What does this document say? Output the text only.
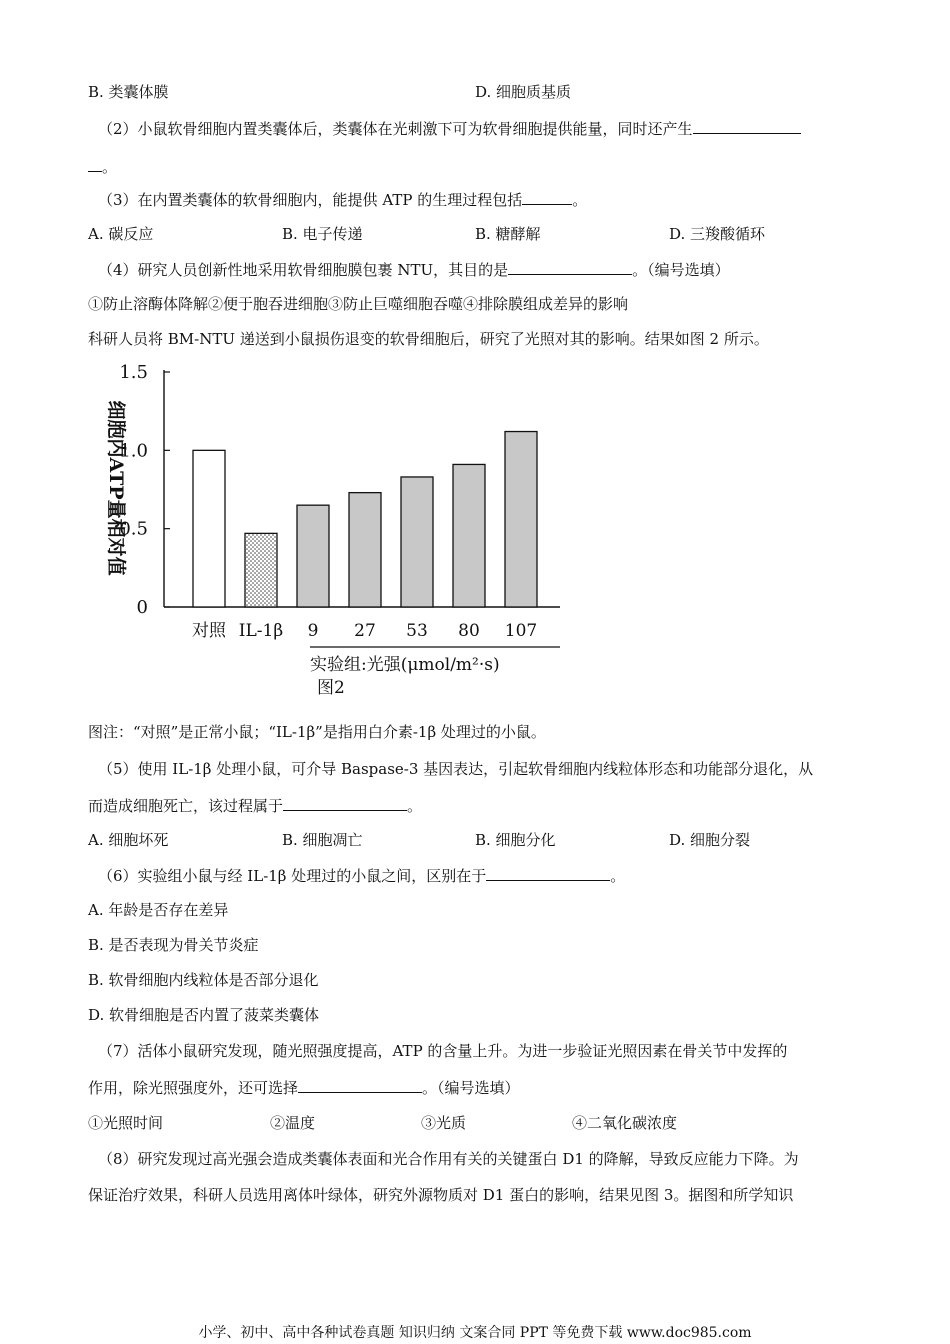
B. 类囊体膜	D. 细胞质基质
（2）小鼠软骨细胞内置类囊体后，类囊体在光刺激下可为软骨细胞提供能量，同时还产生
。
（3）在内置类囊体的软骨细胞内，能提供 ATP 的生理过程包括	。
A. 碳反应	B. 电子传递	B. 糖酵解	D. 三羧酸循环
（4）研究人员创新性地采用软骨细胞膜包裹 NTU，其目的是	。（编号选填）
①防止溶酶体降解②便于胞吞进细胞③防止巨噬细胞吞噬④排除膜组成差异的影响
科研人员将 BM-NTU 递送到小鼠损伤退变的软骨细胞后，研究了光照对其的影响。结果如图 2 所示。
细胞内ATP量相对值
0
0.5
1.0
1.5
对照 IL-1β 9 27 53 80 107
实验组:光强(μmol/m²·s)
图2
图注：“对照”是正常小鼠；“IL-1β”是指用白介素-1β 处理过的小鼠。
（5）使用 IL-1β 处理小鼠，可介导 Baspase-3 基因表达，引起软骨细胞内线粒体形态和功能部分退化，从
而造成细胞死亡，该过程属于	。
A. 细胞坏死	B. 细胞凋亡	B. 细胞分化	D. 细胞分裂
（6）实验组小鼠与经 IL-1β 处理过的小鼠之间，区别在于	。
A. 年龄是否存在差异
B. 是否表现为骨关节炎症
B. 软骨细胞内线粒体是否部分退化
D. 软骨细胞是否内置了菠菜类囊体
（7）活体小鼠研究发现，随光照强度提高，ATP 的含量上升。为进一步验证光照因素在骨关节中发挥的
作用，除光照强度外，还可选择	。（编号选填）
①光照时间	②温度	③光质	④二氧化碳浓度
（8）研究发现过高光强会造成类囊体表面和光合作用有关的关键蛋白 D1 的降解，导致反应能力下降。为
保证治疗效果，科研人员选用离体叶绿体，研究外源物质对 D1 蛋白的影响，结果见图 3。据图和所学知识
小学、初中、高中各种试卷真题 知识归纳 文案合同 PPT 等免费下载 www.doc985.com
